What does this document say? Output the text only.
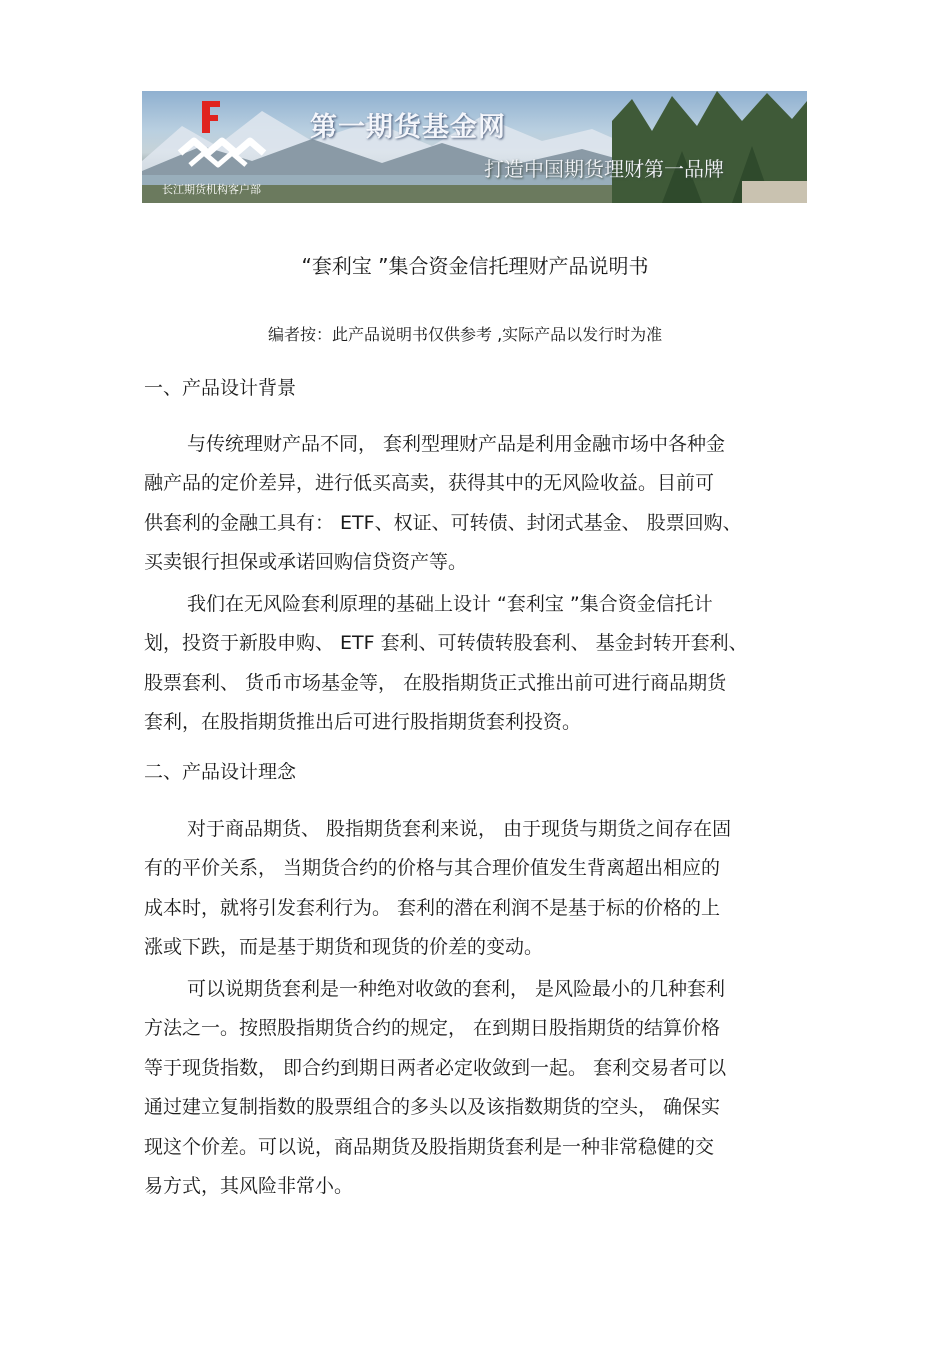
第一期货基金网
打造中国期货理财第一品牌
长江期货机构客户部
“套利宝 ”集合资金信托理财产品说明书
编者按：此产品说明书仅供参考 ,实际产品以发行时为准
一、产品设计背景
与传统理财产品不同， 套利型理财产品是利用金融市场中各种金
融产品的定价差异，进行低买高卖，获得其中的无风险收益。目前可
供套利的金融工具有： ETF、权证、可转债、封闭式基金、 股票回购、
买卖银行担保或承诺回购信贷资产等。
我们在无风险套利原理的基础上设计 “套利宝 ”集合资金信托计
划，投资于新股申购、 ETF 套利、可转债转股套利、 基金封转开套利、
股票套利、 货币市场基金等， 在股指期货正式推出前可进行商品期货
套利，在股指期货推出后可进行股指期货套利投资。
二、产品设计理念
对于商品期货、 股指期货套利来说， 由于现货与期货之间存在固
有的平价关系， 当期货合约的价格与其合理价值发生背离超出相应的
成本时，就将引发套利行为。 套利的潜在利润不是基于标的价格的上
涨或下跌，而是基于期货和现货的价差的变动。
可以说期货套利是一种绝对收敛的套利， 是风险最小的几种套利
方法之一。按照股指期货合约的规定， 在到期日股指期货的结算价格
等于现货指数， 即合约到期日两者必定收敛到一起。 套利交易者可以
通过建立复制指数的股票组合的多头以及该指数期货的空头， 确保实
现这个价差。可以说，商品期货及股指期货套利是一种非常稳健的交
易方式，其风险非常小。
